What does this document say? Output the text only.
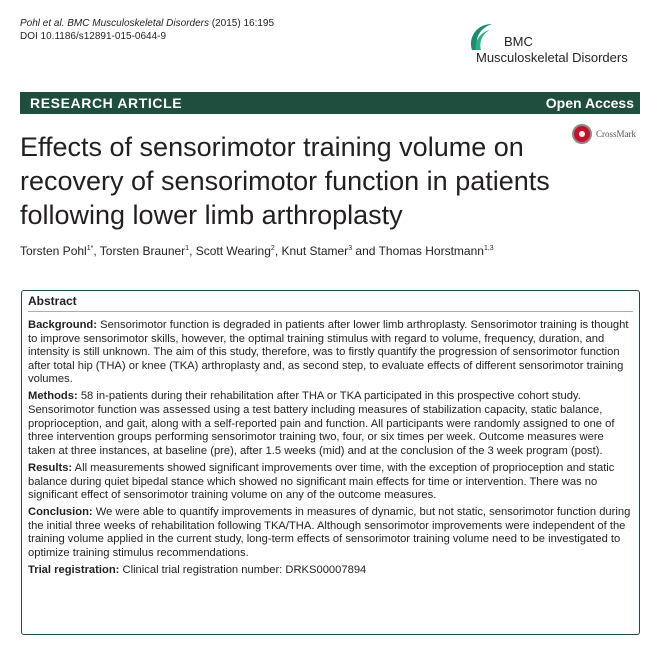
Pohl et al. BMC Musculoskeletal Disorders (2015) 16:195
DOI 10.1186/s12891-015-0644-9	BMC
Musculoskeletal Disorders
RESEARCH ARTICLE	Open Access
CrossMark
Effects of sensorimotor training volume on recovery of sensorimotor function in patients following lower limb arthroplasty
Torsten Pohl$^{1*}$, Torsten Brauner$^1$, Scott Wearing$^2$, Knut Stamer$^3$ and Thomas Horstmann$^{1,3}$
Abstract

Background: Sensorimotor function is degraded in patients after lower limb arthroplasty. Sensorimotor training is thought to improve sensorimotor skills, however, the optimal training stimulus with regard to volume, frequency, duration, and intensity is still unknown. The aim of this study, therefore, was to firstly quantify the progression of sensorimotor function after total hip (THA) or knee (TKA) arthroplasty and, as second step, to evaluate effects of different sensorimotor training volumes.

Methods: 58 in-patients during their rehabilitation after THA or TKA participated in this prospective cohort study. Sensorimotor function was assessed using a test battery including measures of stabilization capacity, static balance, proprioception, and gait, along with a self-reported pain and function. All participants were randomly assigned to one of three intervention groups performing sensorimotor training two, four, or six times per week. Outcome measures were taken at three instances, at baseline (pre), after 1.5 weeks (mid) and at the conclusion of the 3 week program (post).

Results: All measurements showed significant improvements over time, with the exception of proprioception and static balance during quiet bipedal stance which showed no significant main effects for time or intervention. There was no significant effect of sensorimotor training volume on any of the outcome measures.

Conclusion: We were able to quantify improvements in measures of dynamic, but not static, sensorimotor function during the initial three weeks of rehabilitation following TKA/THA. Although sensorimotor improvements were independent of the training volume applied in the current study, long-term effects of sensorimotor training volume need to be investigated to optimize training stimulus recommendations.

Trial registration: Clinical trial registration number: DRKS00007894
